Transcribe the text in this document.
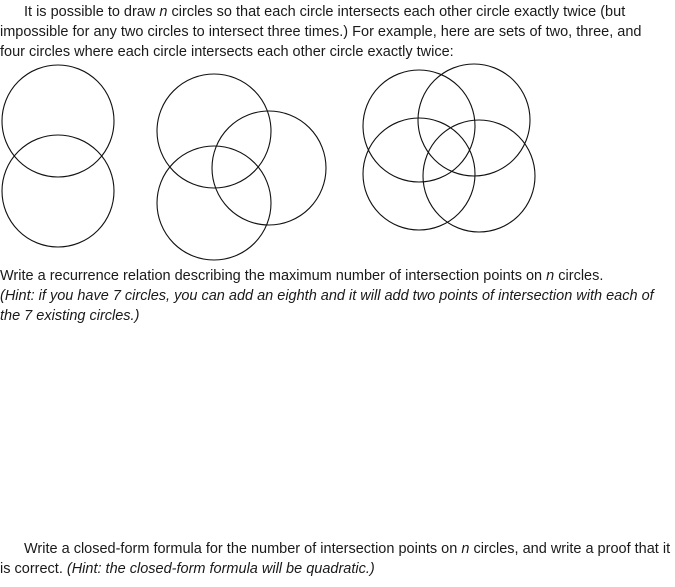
It is possible to draw n circles so that each circle intersects each other circle exactly twice (but impossible for any two circles to intersect three times.) For example, here are sets of two, three, and four circles where each circle intersects each other circle exactly twice:

Write a recurrence relation describing the maximum number of intersection points on n circles.
(Hint: if you have 7 circles, you can add an eighth and it will add two points of intersection with each of the 7 existing circles.)

Write a closed-form formula for the number of intersection points on n circles, and write a proof that it is correct. (Hint: the closed-form formula will be quadratic.)
